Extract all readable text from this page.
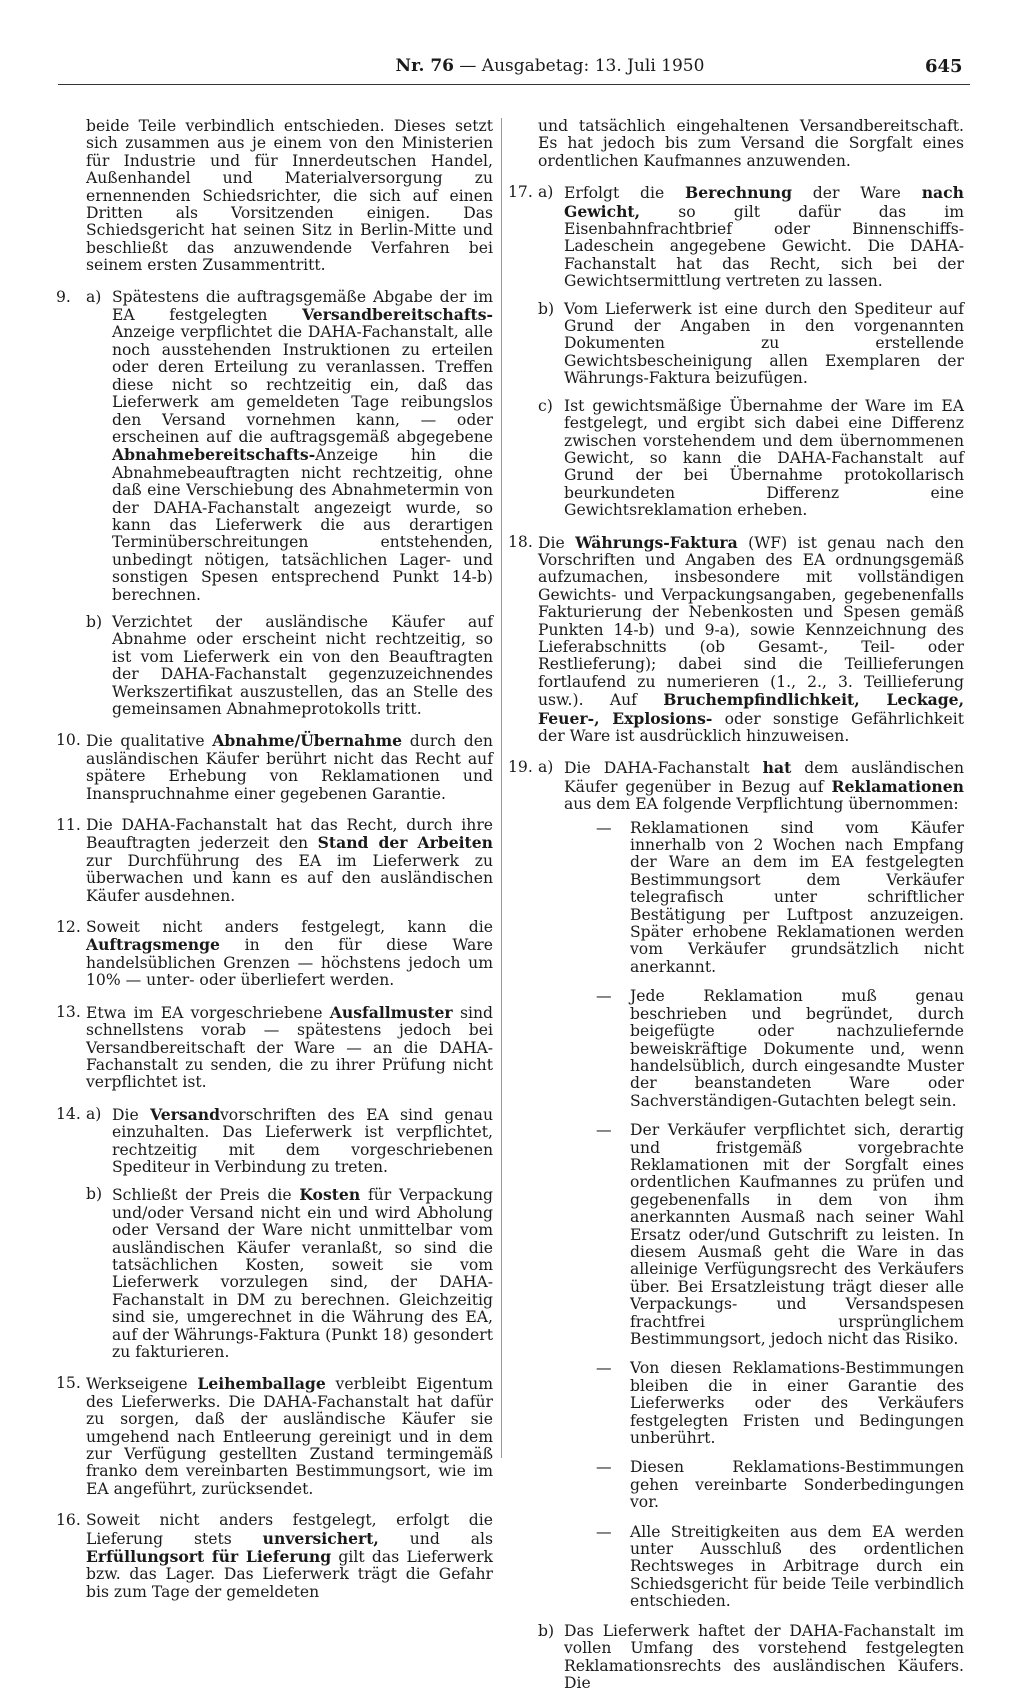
Nr. 76 — Ausgabetag: 13. Juli 1950	645
beide Teile verbindlich entschieden. Dieses setzt sich zusammen aus je einem von den Ministerien für Industrie und für Innerdeutschen Handel, Außenhandel und Materialversorgung zu ernennenden Schiedsrichter, die sich auf einen Dritten als Vorsitzenden einigen. Das Schiedsgericht hat seinen Sitz in Berlin-Mitte und beschließt das anzuwendende Verfahren bei seinem ersten Zusammentritt.
9. a) Spätestens die auftragsgemäße Abgabe der im EA festgelegten Versandbereitschafts-Anzeige verpflichtet die DAHA-Fachanstalt, alle noch ausstehenden Instruktionen zu erteilen oder deren Erteilung zu veranlassen. Treffen diese nicht so rechtzeitig ein, daß das Lieferwerk am gemeldeten Tage reibungslos den Versand vornehmen kann, — oder erscheinen auf die auftragsgemäß abgegebene Abnahmebereitschafts-Anzeige hin die Abnahmebeauftragten nicht rechtzeitig, ohne daß eine Verschiebung des Abnahmetermin von der DAHA-Fachanstalt angezeigt wurde, so kann das Lieferwerk die aus derartigen Terminüberschreitungen entstehenden, unbedingt nötigen, tatsächlichen Lager- und sonstigen Spesen entsprechend Punkt 14-b) berechnen.
b) Verzichtet der ausländische Käufer auf Abnahme oder erscheint nicht rechtzeitig, so ist vom Lieferwerk ein von den Beauftragten der DAHA-Fachanstalt gegenzuzeichnendes Werkszertifikat auszustellen, das an Stelle des gemeinsamen Abnahmeprotokolls tritt.
10. Die qualitative Abnahme/Übernahme durch den ausländischen Käufer berührt nicht das Recht auf spätere Erhebung von Reklamationen und Inanspruchnahme einer gegebenen Garantie.
11. Die DAHA-Fachanstalt hat das Recht, durch ihre Beauftragten jederzeit den Stand der Arbeiten zur Durchführung des EA im Lieferwerk zu überwachen und kann es auf den ausländischen Käufer ausdehnen.
12. Soweit nicht anders festgelegt, kann die Auftragsmenge in den für diese Ware handelsüblichen Grenzen — höchstens jedoch um 10% — unter- oder überliefert werden.
13. Etwa im EA vorgeschriebene Ausfallmuster sind schnellstens vorab — spätestens jedoch bei Versandbereitschaft der Ware — an die DAHA-Fachanstalt zu senden, die zu ihrer Prüfung nicht verpflichtet ist.
14. a) Die Versandvorschriften des EA sind genau einzuhalten. Das Lieferwerk ist verpflichtet, rechtzeitig mit dem vorgeschriebenen Spediteur in Verbindung zu treten.
b) Schließt der Preis die Kosten für Verpackung und/oder Versand nicht ein und wird Abholung oder Versand der Ware nicht unmittelbar vom ausländischen Käufer veranlaßt, so sind die tatsächlichen Kosten, soweit sie vom Lieferwerk vorzulegen sind, der DAHA-Fachanstalt in DM zu berechnen. Gleichzeitig sind sie, umgerechnet in die Währung des EA, auf der Währungs-Faktura (Punkt 18) gesondert zu fakturieren.
15. Werkseigene Leihemballage verbleibt Eigentum des Lieferwerks. Die DAHA-Fachanstalt hat dafür zu sorgen, daß der ausländische Käufer sie umgehend nach Entleerung gereinigt und in dem zur Verfügung gestellten Zustand termingemäß franko dem vereinbarten Bestimmungsort, wie im EA angeführt, zurücksendet.
16. Soweit nicht anders festgelegt, erfolgt die Lieferung stets unversichert, und als Erfüllungsort für Lieferung gilt das Lieferwerk bzw. das Lager. Das Lieferwerk trägt die Gefahr bis zum Tage der gemeldeten
und tatsächlich eingehaltenen Versandbereitschaft. Es hat jedoch bis zum Versand die Sorgfalt eines ordentlichen Kaufmannes anzuwenden.
17. a) Erfolgt die Berechnung der Ware nach Gewicht, so gilt dafür das im Eisenbahnfrachtbrief oder Binnenschiffs-Ladeschein angegebene Gewicht. Die DAHA-Fachanstalt hat das Recht, sich bei der Gewichtsermittlung vertreten zu lassen.
b) Vom Lieferwerk ist eine durch den Spediteur auf Grund der Angaben in den vorgenannten Dokumenten zu erstellende Gewichtsbescheinigung allen Exemplaren der Währungs-Faktura beizufügen.
c) Ist gewichtsmäßige Übernahme der Ware im EA festgelegt, und ergibt sich dabei eine Differenz zwischen vorstehendem und dem übernommenen Gewicht, so kann die DAHA-Fachanstalt auf Grund der bei Übernahme protokollarisch beurkundeten Differenz eine Gewichtsreklamation erheben.
18. Die Währungs-Faktura (WF) ist genau nach den Vorschriften und Angaben des EA ordnungsgemäß aufzumachen, insbesondere mit vollständigen Gewichts- und Verpackungsangaben, gegebenenfalls Fakturierung der Nebenkosten und Spesen gemäß Punkten 14-b) und 9-a), sowie Kennzeichnung des Lieferabschnitts (ob Gesamt-, Teil- oder Restlieferung); dabei sind die Teillieferungen fortlaufend zu numerieren (1., 2., 3. Teillieferung usw.). Auf Bruchempfindlichkeit, Leckage, Feuer-, Explosions- oder sonstige Gefährlichkeit der Ware ist ausdrücklich hinzuweisen.
19. a) Die DAHA-Fachanstalt hat dem ausländischen Käufer gegenüber in Bezug auf Reklamationen aus dem EA folgende Verpflichtung übernommen:
— Reklamationen sind vom Käufer innerhalb von 2 Wochen nach Empfang der Ware an dem im EA festgelegten Bestimmungsort dem Verkäufer telegrafisch unter schriftlicher Bestätigung per Luftpost anzuzeigen. Später erhobene Reklamationen werden vom Verkäufer grundsätzlich nicht anerkannt.
— Jede Reklamation muß genau beschrieben und begründet, durch beigefügte oder nachzuliefernde beweiskräftige Dokumente und, wenn handelsüblich, durch eingesandte Muster der beanstandeten Ware oder Sachverständigen-Gutachten belegt sein.
— Der Verkäufer verpflichtet sich, derartig und fristgemäß vorgebrachte Reklamationen mit der Sorgfalt eines ordentlichen Kaufmannes zu prüfen und gegebenenfalls in dem von ihm anerkannten Ausmaß nach seiner Wahl Ersatz oder/und Gutschrift zu leisten. In diesem Ausmaß geht die Ware in das alleinige Verfügungsrecht des Verkäufers über. Bei Ersatzleistung trägt dieser alle Verpackungs- und Versandspesen frachtfrei ursprünglichem Bestimmungsort, jedoch nicht das Risiko.
— Von diesen Reklamations-Bestimmungen bleiben die in einer Garantie des Lieferwerks oder des Verkäufers festgelegten Fristen und Bedingungen unberührt.
— Diesen Reklamations-Bestimmungen gehen vereinbarte Sonderbedingungen vor.
— Alle Streitigkeiten aus dem EA werden unter Ausschluß des ordentlichen Rechtsweges in Arbitrage durch ein Schiedsgericht für beide Teile verbindlich entschieden.
b) Das Lieferwerk haftet der DAHA-Fachanstalt im vollen Umfang des vorstehend festgelegten Reklamationsrechts des ausländischen Käufers. Die
